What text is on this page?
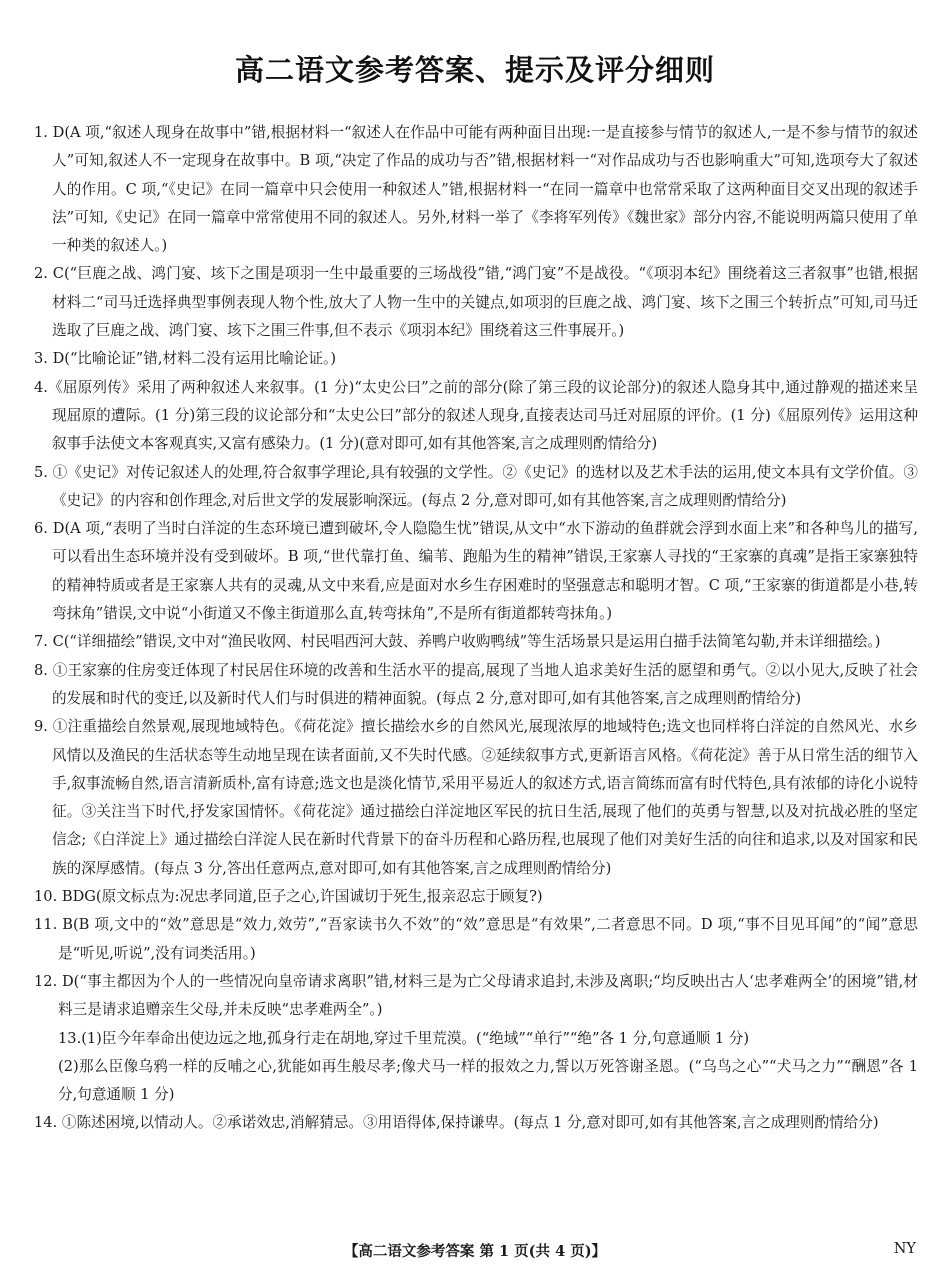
高二语文参考答案、提示及评分细则
1. D(A 项,“叙述人现身在故事中”错,根据材料一“叙述人在作品中可能有两种面目出现:一是直接参与情节的叙述人,一是不参与情节的叙述人”可知,叙述人不一定现身在故事中。B 项,“决定了作品的成功与否”错,根据材料一“对作品成功与否也影响重大”可知,选项夸大了叙述人的作用。C 项,“《史记》在同一篇章中只会使用一种叙述人”错,根据材料一“在同一篇章中也常常采取了这两种面目交叉出现的叙述手法”可知,《史记》在同一篇章中常常使用不同的叙述人。另外,材料一举了《李将军列传》《魏世家》部分内容,不能说明两篇只使用了单一种类的叙述人。)
2. C(“巨鹿之战、鸿门宴、垓下之围是项羽一生中最重要的三场战役”错,“鸿门宴”不是战役。“《项羽本纪》围绕着这三者叙事”也错,根据材料二“司马迁选择典型事例表现人物个性,放大了人物一生中的关键点,如项羽的巨鹿之战、鸿门宴、垓下之围三个转折点”可知,司马迁选取了巨鹿之战、鸿门宴、垓下之围三件事,但不表示《项羽本纪》围绕着这三件事展开。)
3. D(“比喻论证”错,材料二没有运用比喻论证。)
4.《屈原列传》采用了两种叙述人来叙事。(1 分)“太史公曰”之前的部分(除了第三段的议论部分)的叙述人隐身其中,通过静观的描述来呈现屈原的遭际。(1 分)第三段的议论部分和“太史公曰”部分的叙述人现身,直接表达司马迁对屈原的评价。(1 分)《屈原列传》运用这种叙事手法使文本客观真实,又富有感染力。(1 分)(意对即可,如有其他答案,言之成理则酌情给分)
5. ①《史记》对传记叙述人的处理,符合叙事学理论,具有较强的文学性。②《史记》的选材以及艺术手法的运用,使文本具有文学价值。③《史记》的内容和创作理念,对后世文学的发展影响深远。(每点 2 分,意对即可,如有其他答案,言之成理则酌情给分)
6. D(A 项,“表明了当时白洋淀的生态环境已遭到破坏,令人隐隐生忧”错误,从文中“水下游动的鱼群就会浮到水面上来”和各种鸟儿的描写,可以看出生态环境并没有受到破坏。B 项,“世代靠打鱼、编苇、跑船为生的精神”错误,王家寨人寻找的“王家寨的真魂”是指王家寨独特的精神特质或者是王家寨人共有的灵魂,从文中来看,应是面对水乡生存困难时的坚强意志和聪明才智。C 项,“王家寨的街道都是小巷,转弯抹角”错误,文中说“小街道又不像主街道那么直,转弯抹角”,不是所有街道都转弯抹角。)
7. C(“详细描绘”错误,文中对“渔民收网、村民唱西河大鼓、养鸭户收购鸭绒”等生活场景只是运用白描手法简笔勾勒,并未详细描绘。)
8. ①王家寨的住房变迁体现了村民居住环境的改善和生活水平的提高,展现了当地人追求美好生活的愿望和勇气。②以小见大,反映了社会的发展和时代的变迁,以及新时代人们与时俱进的精神面貌。(每点 2 分,意对即可,如有其他答案,言之成理则酌情给分)
9. ①注重描绘自然景观,展现地域特色。《荷花淀》擅长描绘水乡的自然风光,展现浓厚的地域特色;选文也同样将白洋淀的自然风光、水乡风情以及渔民的生活状态等生动地呈现在读者面前,又不失时代感。②延续叙事方式,更新语言风格。《荷花淀》善于从日常生活的细节入手,叙事流畅自然,语言清新质朴,富有诗意;选文也是淡化情节,采用平易近人的叙述方式,语言简练而富有时代特色,具有浓郁的诗化小说特征。③关注当下时代,抒发家国情怀。《荷花淀》通过描绘白洋淀地区军民的抗日生活,展现了他们的英勇与智慧,以及对抗战必胜的坚定信念;《白洋淀上》通过描绘白洋淀人民在新时代背景下的奋斗历程和心路历程,也展现了他们对美好生活的向往和追求,以及对国家和民族的深厚感情。(每点 3 分,答出任意两点,意对即可,如有其他答案,言之成理则酌情给分)
10. BDG(原文标点为:况忠孝同道,臣子之心,许国诚切于死生,报亲忍忘于顾复?)
11. B(B 项,文中的“效”意思是“效力,效劳”,“吾家读书久不效”的“效”意思是“有效果”,二者意思不同。D 项,“事不目见耳闻”的“闻”意思是“听见,听说”,没有词类活用。)
12. D(“事主都因为个人的一些情况向皇帝请求离职”错,材料三是为亡父母请求追封,未涉及离职;“均反映出古人‘忠孝难两全’的困境”错,材料三是请求追赠亲生父母,并未反映“忠孝难两全”。)
13.(1)臣今年奉命出使边远之地,孤身行走在胡地,穿过千里荒漠。(“绝域”“单行”“绝”各 1 分,句意通顺 1 分)
(2)那么臣像乌鸦一样的反哺之心,犹能如再生般尽孝;像犬马一样的报效之力,誓以万死答谢圣恩。(“乌鸟之心”“犬马之力”“酬恩”各 1 分,句意通顺 1 分)
14. ①陈述困境,以情动人。②承诺效忠,消解猜忌。③用语得体,保持谦卑。(每点 1 分,意对即可,如有其他答案,言之成理则酌情给分)
【高二语文参考答案 第 1 页(共 4 页)】	NY
